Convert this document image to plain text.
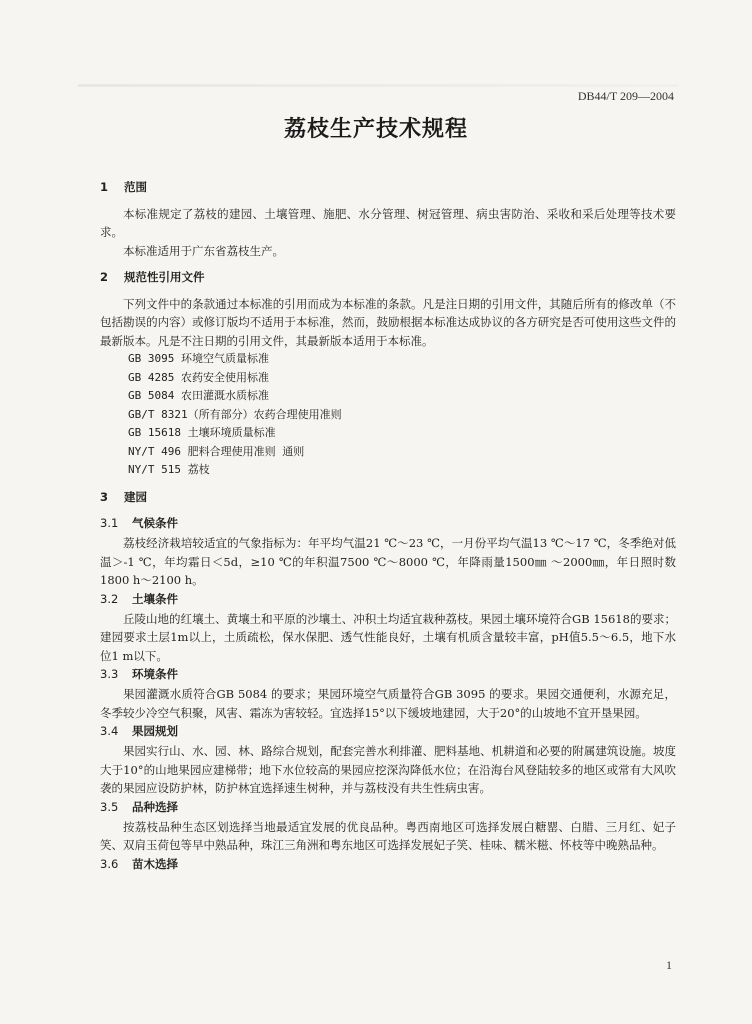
DB44/T 209—2004
荔枝生产技术规程
1 范围

本标准规定了荔枝的建园、土壤管理、施肥、水分管理、树冠管理、病虫害防治、采收和采后处理等技术要求。

本标准适用于广东省荔枝生产。

2 规范性引用文件

下列文件中的条款通过本标准的引用而成为本标准的条款。凡是注日期的引用文件，其随后所有的修改单（不包括勘误的内容）或修订版均不适用于本标准，然而，鼓励根据本标准达成协议的各方研究是否可使用这些文件的最新版本。凡是不注日期的引用文件，其最新版本适用于本标准。

GB 3095 环境空气质量标准

GB 4285 农药安全使用标准

GB 5084 农田灌溉水质标准

GB/T 8321（所有部分）农药合理使用准则

GB 15618 土壤环境质量标准

NY/T 496 肥料合理使用准则 通则

NY/T 515 荔枝

3 建园
3.1 气候条件

荔枝经济栽培较适宜的气象指标为：年平均气温21 ℃～23 ℃，一月份平均气温13 ℃～17 ℃，冬季绝对低温＞-1 ℃，年均霜日＜5d，≥10 ℃的年积温7500 ℃～8000 ℃，年降雨量1500㎜ ～2000㎜，年日照时数1800 h～2100 h。

3.2 土壤条件

丘陵山地的红壤土、黄壤土和平原的沙壤土、冲积土均适宜栽种荔枝。果园土壤环境符合GB 15618的要求；建园要求土层1m以上，土质疏松，保水保肥、透气性能良好，土壤有机质含量较丰富，pH值5.5～6.5，地下水位1 m以下。

3.3 环境条件

果园灌溉水质符合GB 5084 的要求；果园环境空气质量符合GB 3095 的要求。果园交通便利，水源充足，冬季较少冷空气积聚，风害、霜冻为害较轻。宜选择15°以下缓坡地建园，大于20°的山坡地不宜开垦果园。

3.4 果园规划

果园实行山、水、园、林、路综合规划，配套完善水利排灌、肥料基地、机耕道和必要的附属建筑设施。坡度大于10°的山地果园应建梯带；地下水位较高的果园应挖深沟降低水位；在沿海台风登陆较多的地区或常有大风吹袭的果园应设防护林，防护林宜选择速生树种，并与荔枝没有共生性病虫害。

3.5 品种选择

按荔枝品种生态区划选择当地最适宜发展的优良品种。粤西南地区可选择发展白糖罂、白腊、三月红、妃子笑、双肩玉荷包等早中熟品种，珠江三角洲和粤东地区可选择发展妃子笑、桂味、糯米糍、怀枝等中晚熟品种。

3.6 苗木选择
1
